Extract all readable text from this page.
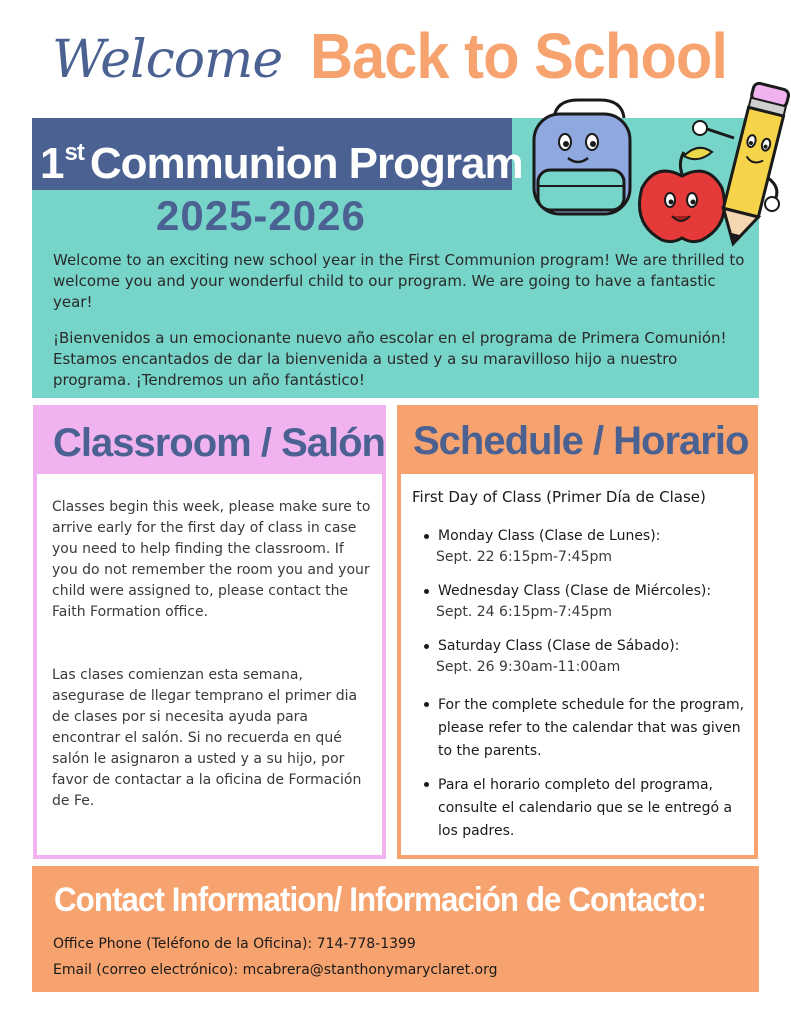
Welcome Back to School
1st Communion Program
2025-2026

Welcome to an exciting new school year in the First Communion program! We are thrilled to welcome you and your wonderful child to our program. We are going to have a fantastic year!

¡Bienvenidos a un emocionante nuevo año escolar en el programa de Primera Comunión! Estamos encantados de dar la bienvenida a usted y a su maravilloso hijo a nuestro programa. ¡Tendremos un año fantástico!

Classroom / Salón

Classes begin this week, please make sure to arrive early for the first day of class in case you need to help finding the classroom. If you do not remember the room you and your child were assigned to, please contact the Faith Formation office.

Las clases comienzan esta semana, asegurase de llegar temprano el primer dia de clases por si necesita ayuda para encontrar el salón. Si no recuerda en qué salón le asignaron a usted y a su hijo, por favor de contactar a la oficina de Formación de Fe.

Schedule / Horario
First Day of Class (Primer Día de Clase)
Monday Class (Clase de Lunes):
Sept. 22 6:15pm-7:45pm
Wednesday Class (Clase de Miércoles):
Sept. 24 6:15pm-7:45pm
Saturday Class (Clase de Sábado):
Sept. 26 9:30am-11:00am
For the complete schedule for the program, please refer to the calendar that was given to the parents.
Para el horario completo del programa, consulte el calendario que se le entregó a los padres.
Contact Information/ Información de Contacto:
Office Phone (Teléfono de la Oficina): 714-778-1399
Email (correo electrónico): mcabrera@stanthonymaryclaret.org
